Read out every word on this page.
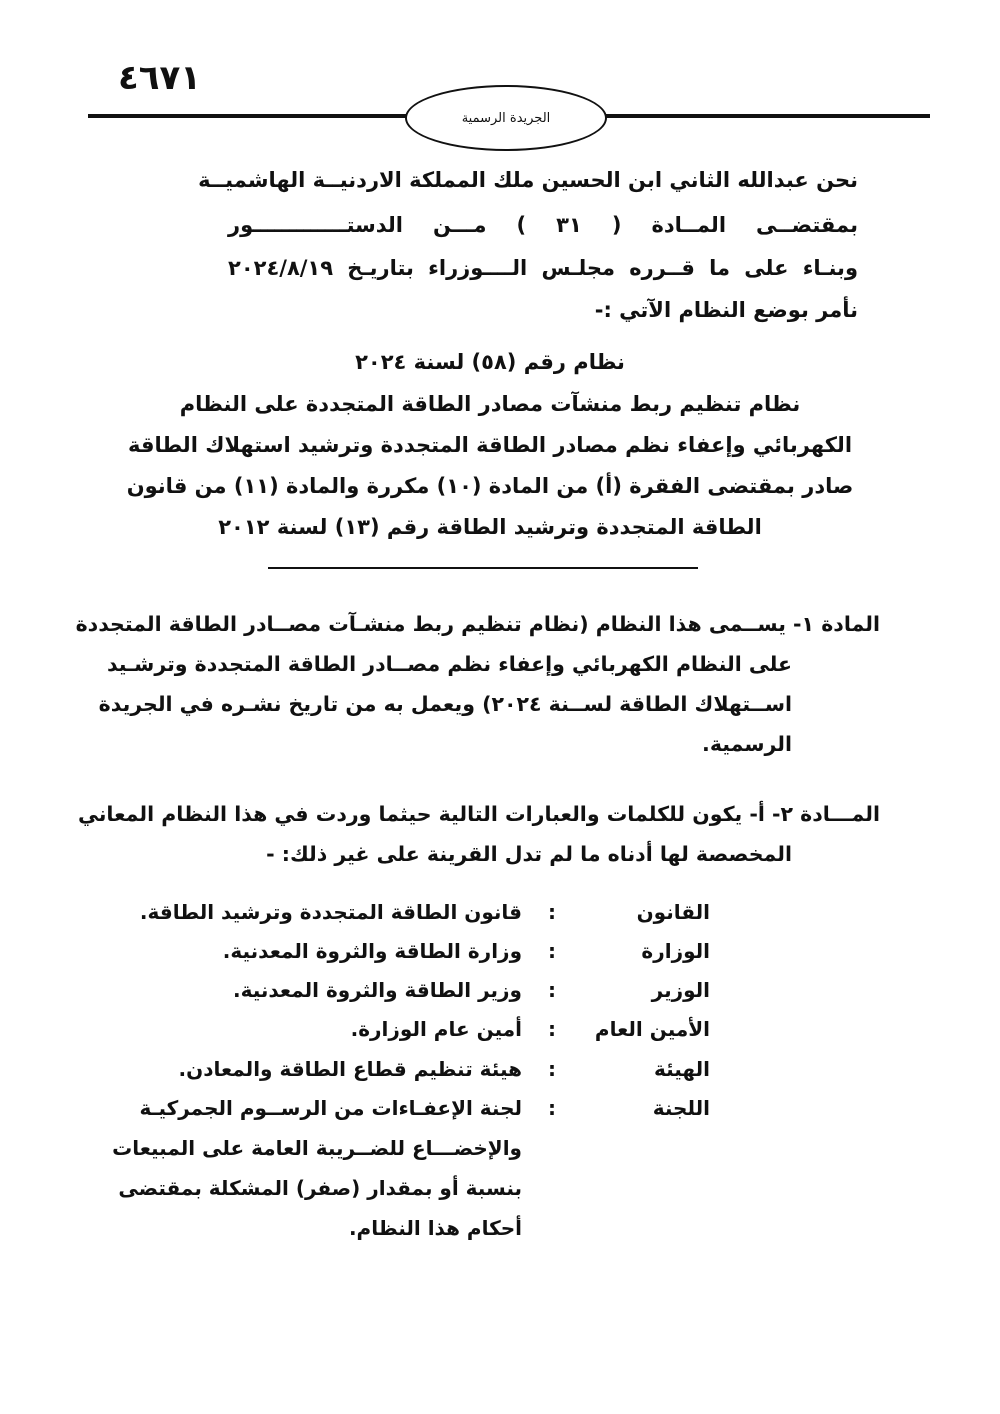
٤٦٧١
الجريدة الرسمية
نحن عبدالله الثاني ابن الحسين ملك المملكة الاردنيــة الهاشميــة
بمقتضــى المــادة ( ٣١ ) مـــن الدستـــــــــــــور
وبنـاء على ما قــرره مجلـس الــــوزراء بتاريـخ ٢٠٢٤/٨/١٩
نأمر بوضع النظام الآتي :-
نظام رقم (٥٨) لسنة ٢٠٢٤
نظام تنظيم ربط منشآت مصادر الطاقة المتجددة على النظام
الكهربائي وإعفاء نظم مصادر الطاقة المتجددة وترشيد استهلاك الطاقة
صادر بمقتضى الفقرة (أ) من المادة (١٠) مكررة والمادة (١١) من قانون
الطاقة المتجددة وترشيد الطاقة رقم (١٣) لسنة ٢٠١٢
المادة ١- يســمى هذا النظام (نظام تنظيم ربط منشـآت مصــادر الطاقة المتجددة
على النظام الكهربائي وإعفاء نظم مصــادر الطاقة المتجددة وترشـيد
اســتهلاك الطاقة لســنة ٢٠٢٤) ويعمل به من تاريخ نشـره في الجريدة
الرسمية.
المـــادة ٢- أ- يكون للكلمات والعبارات التالية حيثما وردت في هذا النظام المعاني
المخصصة لها أدناه ما لم تدل القرينة على غير ذلك: -
القانون
:
قانون الطاقة المتجددة وترشيد الطاقة.
الوزارة
:
وزارة الطاقة والثروة المعدنية.
الوزير
:
وزير الطاقة والثروة المعدنية.
الأمين العام
:
أمين عام الوزارة.
الهيئة
:
هيئة تنظيم قطاع الطاقة والمعادن.
اللجنة
:
لجنة الإعفـاءات من الرســوم الجمركيـة
والإخضـــاع للضــريبة العامة على المبيعات
بنسبة أو بمقدار (صفر) المشكلة بمقتضى
أحكام هذا النظام.
